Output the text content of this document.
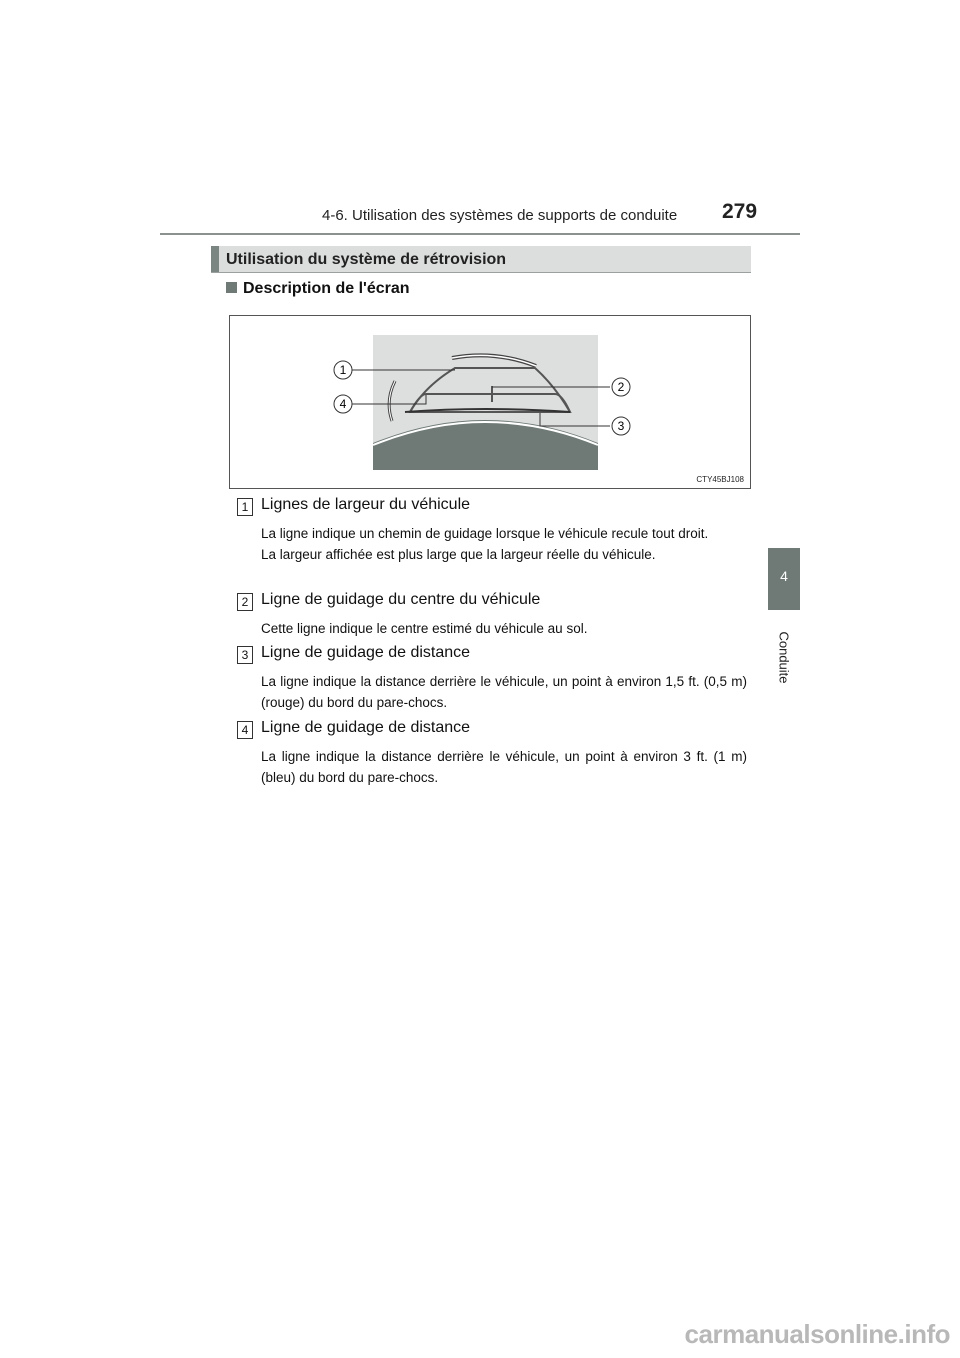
4-6. Utilisation des systèmes de supports de conduite 279
4
Conduite
Utilisation du système de rétrovision
Description de l'écran
1
2
3
4
CTY45BJ108
1 Lignes de largeur du véhicule

La ligne indique un chemin de guidage lorsque le véhicule recule tout droit.

La largeur affichée est plus large que la largeur réelle du véhicule.

2 Ligne de guidage du centre du véhicule

Cette ligne indique le centre estimé du véhicule au sol.

3 Ligne de guidage de distance

La ligne indique la distance derrière le véhicule, un point à environ 1,5 ft. (0,5 m) (rouge) du bord du pare-chocs.

4 Ligne de guidage de distance

La ligne indique la distance derrière le véhicule, un point à environ 3 ft. (1 m) (bleu) du bord du pare-chocs.

carmanualsonline.info
